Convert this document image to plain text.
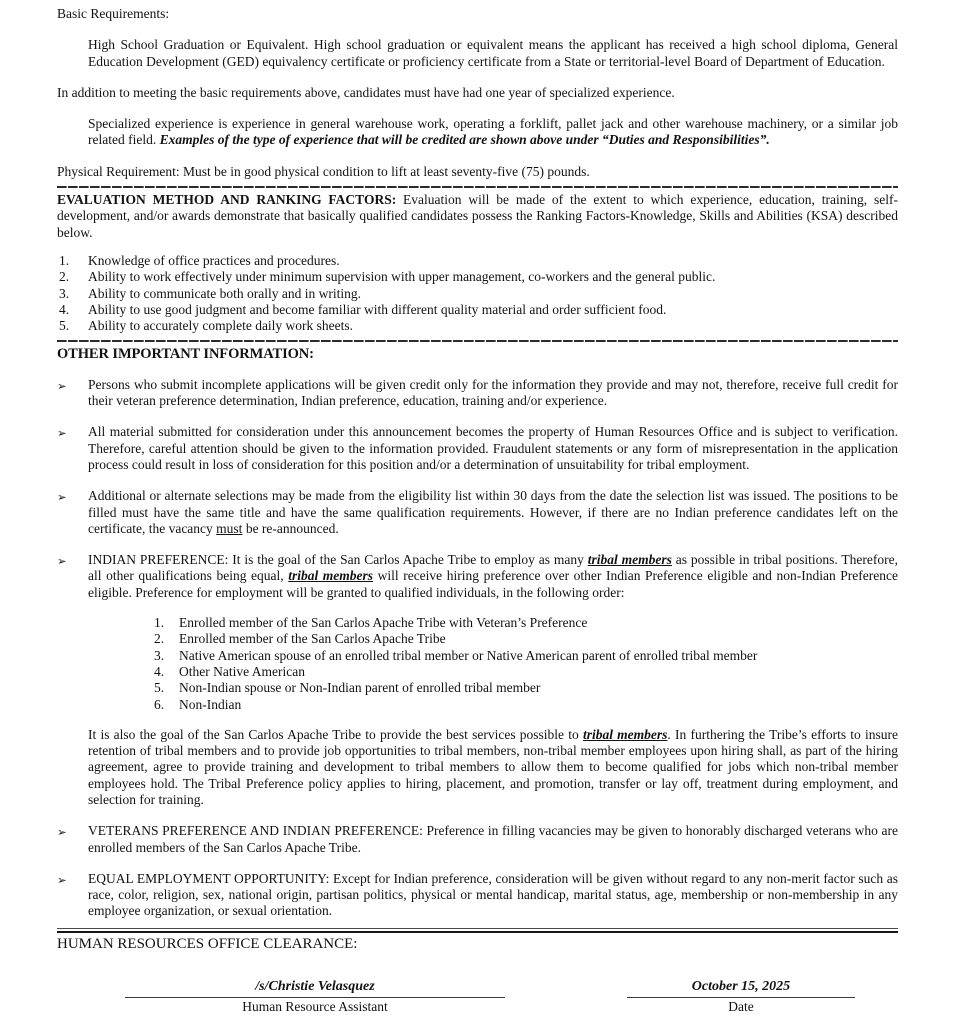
Basic Requirements:

High School Graduation or Equivalent. High school graduation or equivalent means the applicant has received a high school diploma, General Education Development (GED) equivalency certificate or proficiency certificate from a State or territorial-level Board of Department of Education.

In addition to meeting the basic requirements above, candidates must have had one year of specialized experience.

Specialized experience is experience in general warehouse work, operating a forklift, pallet jack and other warehouse machinery, or a similar job related field. Examples of the type of experience that will be credited are shown above under “Duties and Responsibilities”.

Physical Requirement: Must be in good physical condition to lift at least seventy-five (75) pounds.

EVALUATION METHOD AND RANKING FACTORS: Evaluation will be made of the extent to which experience, education, training, self-development, and/or awards demonstrate that basically qualified candidates possess the Ranking Factors-Knowledge, Skills and Abilities (KSA) described below.

Knowledge of office practices and procedures.
Ability to work effectively under minimum supervision with upper management, co-workers and the general public.
Ability to communicate both orally and in writing.
Ability to use good judgment and become familiar with different quality material and order sufficient food.
Ability to accurately complete daily work sheets.

OTHER IMPORTANT INFORMATION:

➢	Persons who submit incomplete applications will be given credit only for the information they provide and may not, therefore, receive full credit for their veteran preference determination, Indian preference, education, training and/or experience.

➢	All material submitted for consideration under this announcement becomes the property of Human Resources Office and is subject to verification. Therefore, careful attention should be given to the information provided. Fraudulent statements or any form of misrepresentation in the application process could result in loss of consideration for this position and/or a determination of unsuitability for tribal employment.

➢	Additional or alternate selections may be made from the eligibility list within 30 days from the date the selection list was issued. The positions to be filled must have the same title and have the same qualification requirements. However, if there are no Indian preference candidates left on the certificate, the vacancy must be re-announced.

➢	INDIAN PREFERENCE: It is the goal of the San Carlos Apache Tribe to employ as many tribal members as possible in tribal positions. Therefore, all other qualifications being equal, tribal members will receive hiring preference over other Indian Preference eligible and non-Indian Preference eligible. Preference for employment will be granted to qualified individuals, in the following order:

Enrolled member of the San Carlos Apache Tribe with Veteran’s Preference
Enrolled member of the San Carlos Apache Tribe
Native American spouse of an enrolled tribal member or Native American parent of enrolled tribal member
Other Native American
Non-Indian spouse or Non-Indian parent of enrolled tribal member
Non-Indian

It is also the goal of the San Carlos Apache Tribe to provide the best services possible to tribal members. In furthering the Tribe’s efforts to insure retention of tribal members and to provide job opportunities to tribal members, non-tribal member employees upon hiring shall, as part of the hiring agreement, agree to provide training and development to tribal members to allow them to become qualified for jobs which non-tribal member employees hold. The Tribal Preference policy applies to hiring, placement, and promotion, transfer or lay off, treatment during employment, and selection for training.

➢	VETERANS PREFERENCE AND INDIAN PREFERENCE: Preference in filling vacancies may be given to honorably discharged veterans who are enrolled members of the San Carlos Apache Tribe.

➢	EQUAL EMPLOYMENT OPPORTUNITY: Except for Indian preference, consideration will be given without regard to any non-merit factor such as race, color, religion, sex, national origin, partisan politics, physical or mental handicap, marital status, age, membership or non-membership in any employee organization, or sexual orientation.

HUMAN RESOURCES OFFICE CLEARANCE:

/s/Christie Velasquez
Human Resource Assistant
October 15, 2025
Date
